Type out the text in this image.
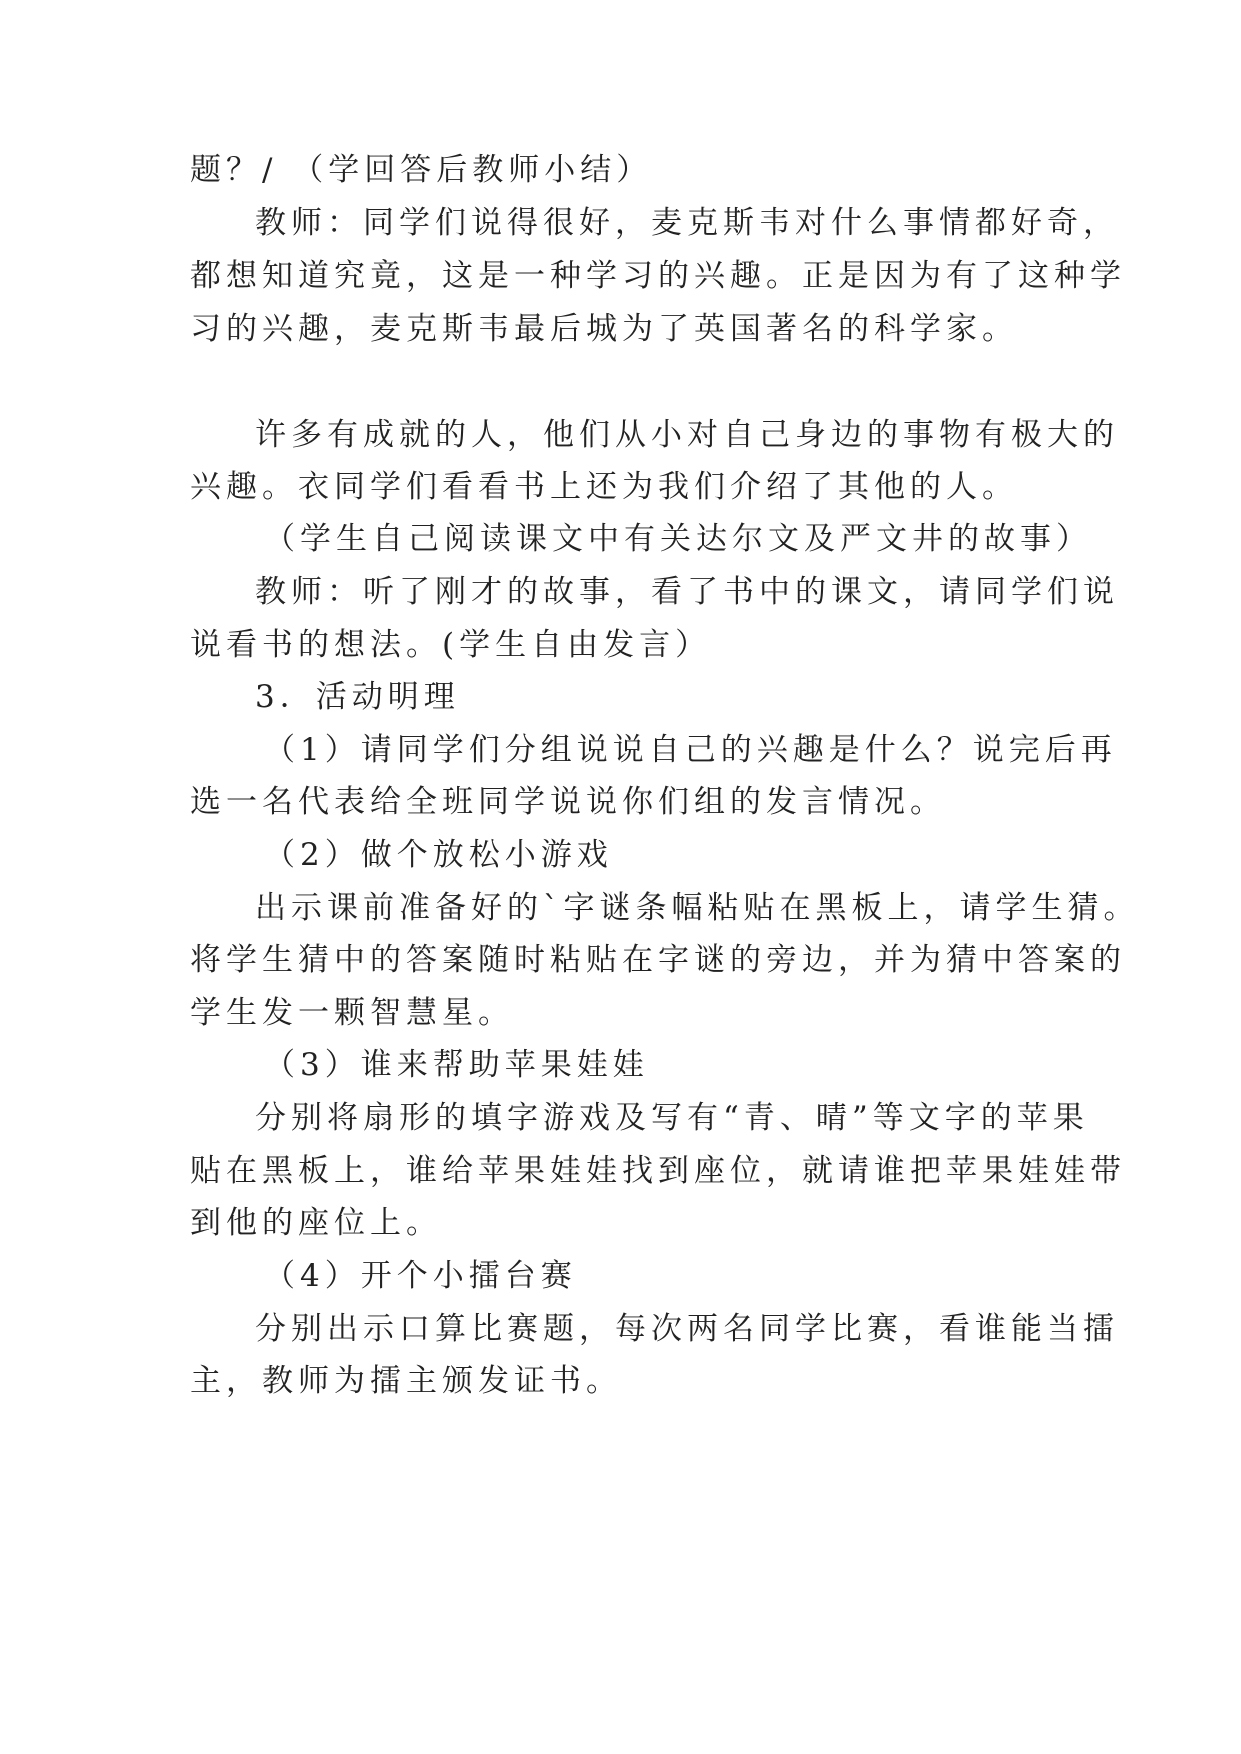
题？/ （学回答后教师小结）
教师：同学们说得很好，麦克斯韦对什么事情都好奇，
都想知道究竟，这是一种学习的兴趣。正是因为有了这种学
习的兴趣，麦克斯韦最后城为了英国著名的科学家。
许多有成就的人，他们从小对自己身边的事物有极大的
兴趣。衣同学们看看书上还为我们介绍了其他的人。
（学生自己阅读课文中有关达尔文及严文井的故事）
教师：听了刚才的故事，看了书中的课文，请同学们说
说看书的想法。(学生自由发言）
3．活动明理
（1）请同学们分组说说自己的兴趣是什么？说完后再
选一名代表给全班同学说说你们组的发言情况。
（2）做个放松小游戏
出示课前准备好的`字谜条幅粘贴在黑板上，请学生猜。
将学生猜中的答案随时粘贴在字谜的旁边，并为猜中答案的
学生发一颗智慧星。
（3）谁来帮助苹果娃娃
分别将扇形的填字游戏及写有“青、晴”等文字的苹果
贴在黑板上，谁给苹果娃娃找到座位，就请谁把苹果娃娃带
到他的座位上。
（4）开个小擂台赛
分别出示口算比赛题，每次两名同学比赛，看谁能当擂
主，教师为擂主颁发证书。
